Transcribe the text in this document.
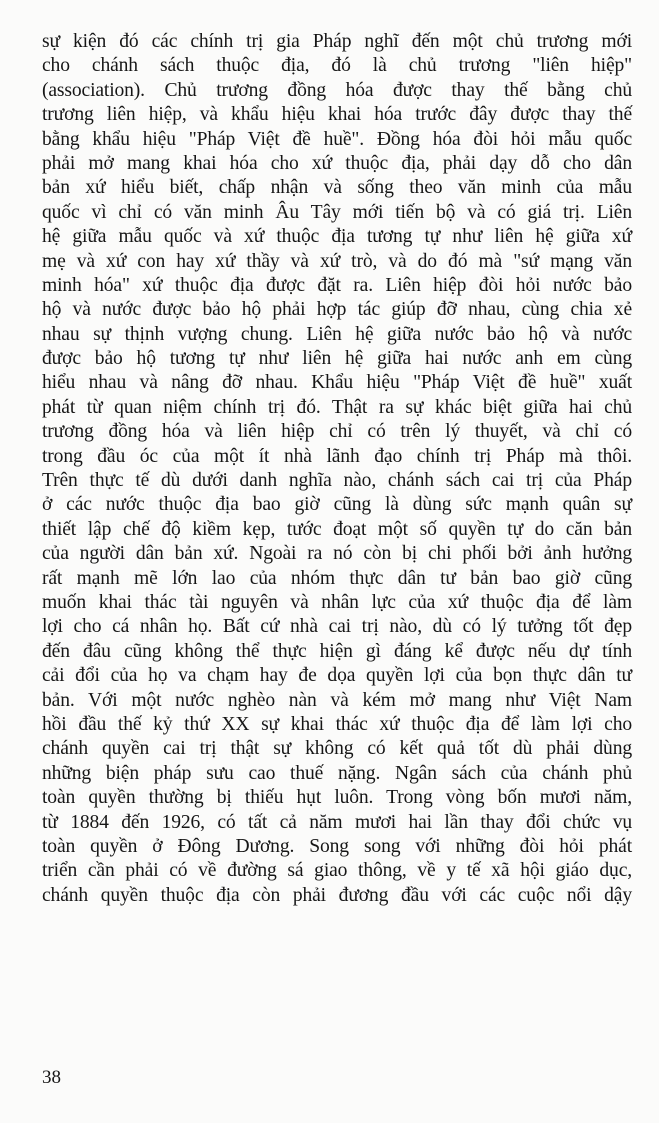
sự kiện đó các chính trị gia Pháp nghĩ đến một chủ trương mới
cho chánh sách thuộc địa, đó là chủ trương "liên hiệp"
(association). Chủ trương đồng hóa được thay thế bằng chủ
trương liên hiệp, và khẩu hiệu khai hóa trước đây được thay thế
bằng khẩu hiệu "Pháp Việt đề huề". Đồng hóa đòi hỏi mẫu quốc
phải mở mang khai hóa cho xứ thuộc địa, phải dạy dỗ cho dân
bản xứ hiểu biết, chấp nhận và sống theo văn minh của mẫu
quốc vì chỉ có văn minh Âu Tây mới tiến bộ và có giá trị. Liên
hệ giữa mẫu quốc và xứ thuộc địa tương tự như liên hệ giữa xứ
mẹ và xứ con hay xứ thầy và xứ trò, và do đó mà "sứ mạng văn
minh hóa" xứ thuộc địa được đặt ra. Liên hiệp đòi hỏi nước bảo
hộ và nước được bảo hộ phải hợp tác giúp đỡ nhau, cùng chia xẻ
nhau sự thịnh vượng chung. Liên hệ giữa nước bảo hộ và nước
được bảo hộ tương tự như liên hệ giữa hai nước anh em cùng
hiểu nhau và nâng đỡ nhau. Khẩu hiệu "Pháp Việt đề huề" xuất
phát từ quan niệm chính trị đó. Thật ra sự khác biệt giữa hai chủ
trương đồng hóa và liên hiệp chỉ có trên lý thuyết, và chỉ có
trong đầu óc của một ít nhà lãnh đạo chính trị Pháp mà thôi.
Trên thực tế dù dưới danh nghĩa nào, chánh sách cai trị của Pháp
ở các nước thuộc địa bao giờ cũng là dùng sức mạnh quân sự
thiết lập chế độ kiềm kẹp, tước đoạt một số quyền tự do căn bản
của người dân bản xứ. Ngoài ra nó còn bị chi phối bởi ảnh hưởng
rất mạnh mẽ lớn lao của nhóm thực dân tư bản bao giờ cũng
muốn khai thác tài nguyên và nhân lực của xứ thuộc địa để làm
lợi cho cá nhân họ. Bất cứ nhà cai trị nào, dù có lý tưởng tốt đẹp
đến đâu cũng không thể thực hiện gì đáng kể được nếu dự tính
cải đổi của họ va chạm hay đe dọa quyền lợi của bọn thực dân tư
bản. Với một nước nghèo nàn và kém mở mang như Việt Nam
hồi đầu thế kỷ thứ XX sự khai thác xứ thuộc địa để làm lợi cho
chánh quyền cai trị thật sự không có kết quả tốt dù phải dùng
những biện pháp sưu cao thuế nặng. Ngân sách của chánh phủ
toàn quyền thường bị thiếu hụt luôn. Trong vòng bốn mươi năm,
từ 1884 đến 1926, có tất cả năm mươi hai lần thay đổi chức vụ
toàn quyền ở Đông Dương. Song song với những đòi hỏi phát
triển cần phải có về đường sá giao thông, về y tế xã hội giáo dục,
chánh quyền thuộc địa còn phải đương đầu với các cuộc nổi dậy
38
